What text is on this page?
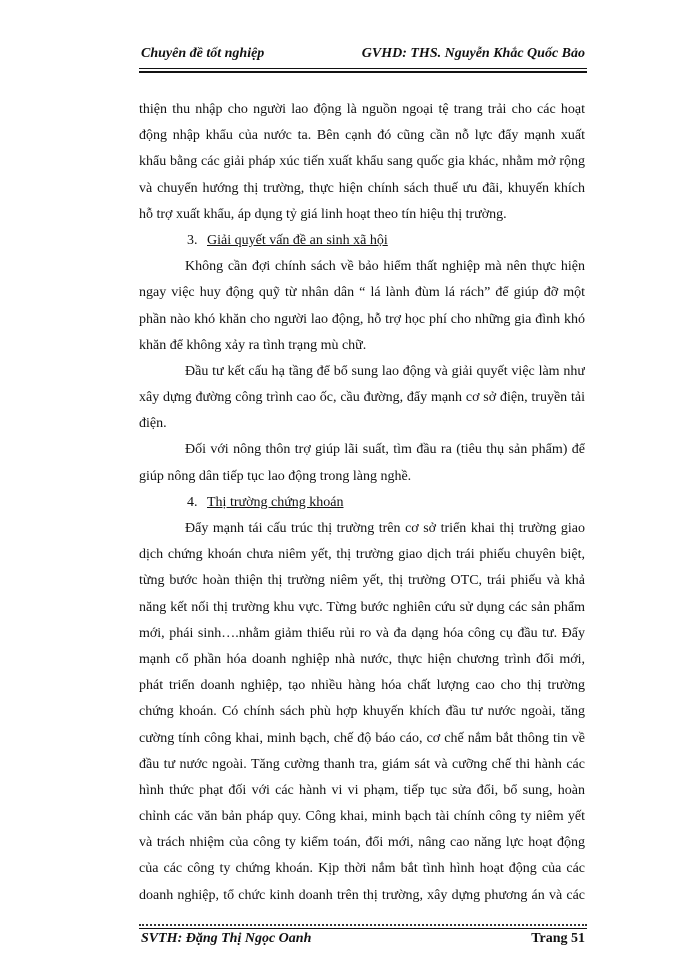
Chuyên đề tốt nghiệp	GVHD: THS. Nguyễn Khắc Quốc Bảo
thiện thu nhập cho người lao động là nguồn ngoại tệ trang trải cho các hoạt
động nhập khẩu của nước ta. Bên cạnh đó cũng cần nỗ lực đẩy mạnh xuất
khẩu bằng các giải pháp xúc tiến xuất khẩu sang quốc gia khác, nhằm mở rộng
và chuyển hướng thị trường, thực hiện chính sách thuế ưu đãi, khuyến khích
hỗ trợ xuất khẩu, áp dụng tỷ giá linh hoạt theo tín hiệu thị trường.
3. Giải quyết vấn đề an sinh xã hội
Không cần đợi chính sách về bảo hiểm thất nghiệp mà nên thực hiện
ngay việc huy động quỹ từ nhân dân “ lá lành đùm lá rách” để giúp đỡ một
phần nào khó khăn cho người lao động, hỗ trợ học phí cho những gia đình khó
khăn để không xảy ra tình trạng mù chữ.
Đầu tư kết cấu hạ tầng để bổ sung lao động và giải quyết việc làm như
xây dựng đường công trình cao ốc, cầu đường, đẩy mạnh cơ sở điện, truyền tải
điện.
Đối với nông thôn trợ giúp lãi suất, tìm đầu ra (tiêu thụ sản phẩm) để
giúp nông dân tiếp tục lao động trong làng nghề.
4. Thị trường chứng khoán
Đẩy mạnh tái cấu trúc thị trường trên cơ sở triển khai thị trường giao
dịch chứng khoán chưa niêm yết, thị trường giao dịch trái phiếu chuyên biệt,
từng bước hoàn thiện thị trường niêm yết, thị trường OTC, trái phiếu và khả
năng kết nối thị trường khu vực. Từng bước nghiên cứu sử dụng các sản phẩm
mới, phái sinh….nhằm giảm thiểu rủi ro và đa dạng hóa công cụ đầu tư. Đẩy
mạnh cổ phần hóa doanh nghiệp nhà nước, thực hiện chương trình đổi mới,
phát triển doanh nghiệp, tạo nhiều hàng hóa chất lượng cao cho thị trường
chứng khoán. Có chính sách phù hợp khuyến khích đầu tư nước ngoài, tăng
cường tính công khai, minh bạch, chế độ báo cáo, cơ chế nắm bắt thông tin về
đầu tư nước ngoài. Tăng cường thanh tra, giám sát và cưỡng chế thi hành các
hình thức phạt đối với các hành vi vi phạm, tiếp tục sửa đổi, bổ sung, hoàn
chỉnh các văn bản pháp quy. Công khai, minh bạch tài chính công ty niêm yết
và trách nhiệm của công ty kiểm toán, đổi mới, nâng cao năng lực hoạt động
của các công ty chứng khoán. Kịp thời nắm bắt tình hình hoạt động của các
doanh nghiệp, tổ chức kinh doanh trên thị trường, xây dựng phương án và các
SVTH: Đặng Thị Ngọc Oanh	Trang 51
